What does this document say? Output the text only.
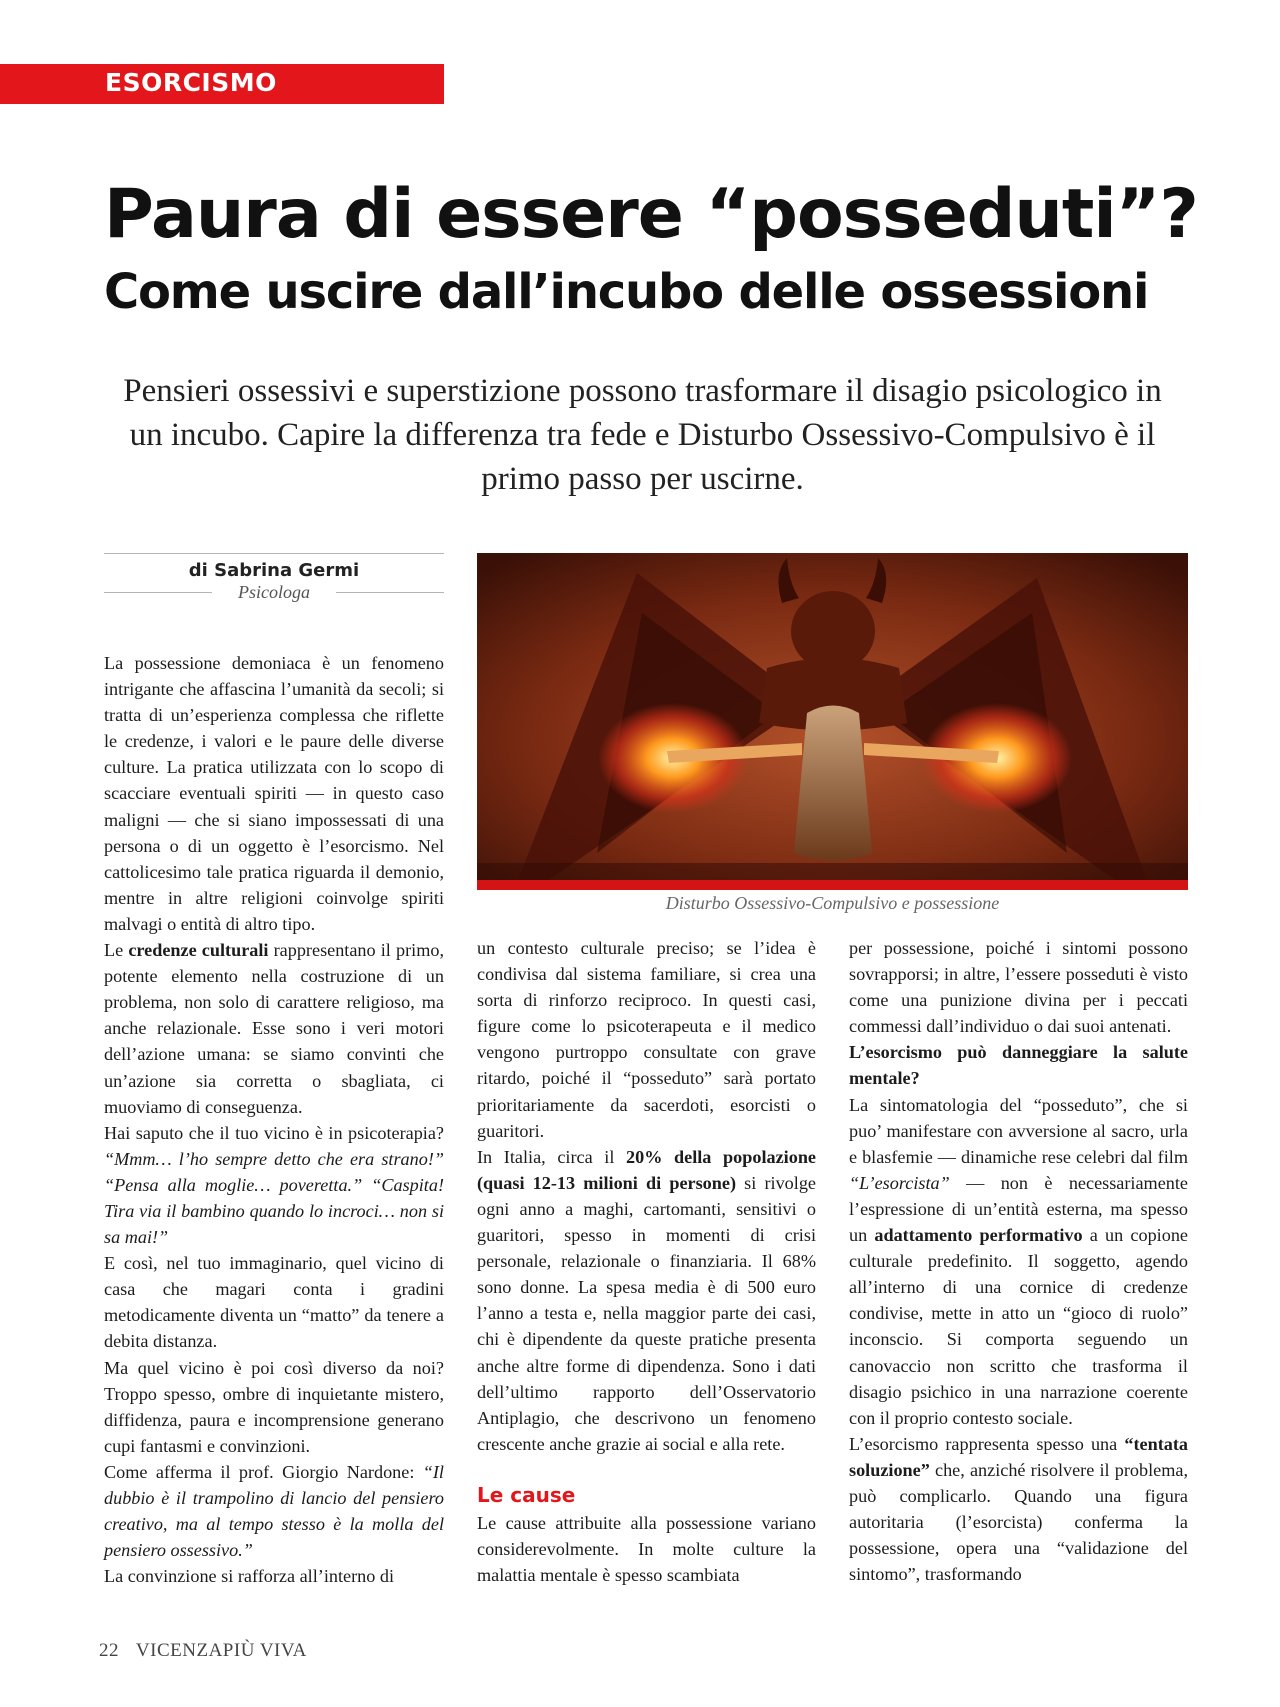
ESORCISMO
Paura di essere “posseduti”?
Come uscire dall’incubo delle ossessioni
Pensieri ossessivi e superstizione possono trasformare il disagio psicologico in un incubo. Capire la differenza tra fede e Disturbo Ossessivo-Compulsivo è il primo passo per uscirne.
di Sabrina Germi
Psicologa
Disturbo Ossessivo-Compulsivo e possessione

La possessione demoniaca è un fenomeno intrigante che affascina l’umanità da secoli; si tratta di un’esperienza complessa che riflette le credenze, i valori e le paure delle diverse culture. La pratica utilizzata con lo scopo di scacciare eventuali spiriti — in questo caso maligni — che si siano impossessati di una persona o di un oggetto è l’esorcismo. Nel cattolicesimo tale pratica riguarda il demonio, mentre in altre religioni coinvolge spiriti malvagi o entità di altro tipo.

Le credenze culturali rappresentano il primo, potente elemento nella costruzione di un problema, non solo di carattere religioso, ma anche relazionale. Esse sono i veri motori dell’azione umana: se siamo convinti che un’azione sia corretta o sbagliata, ci muoviamo di conseguenza.

Hai saputo che il tuo vicino è in psicoterapia? “Mmm… l’ho sempre detto che era strano!” “Pensa alla moglie… poveretta.” “Caspita! Tira via il bambino quando lo incroci… non si sa mai!”

E così, nel tuo immaginario, quel vicino di casa che magari conta i gradini metodicamente diventa un “matto” da tenere a debita distanza.

Ma quel vicino è poi così diverso da noi? Troppo spesso, ombre di inquietante mistero, diffidenza, paura e incomprensione generano cupi fantasmi e convinzioni.

Come afferma il prof. Giorgio Nardone: “Il dubbio è il trampolino di lancio del pensiero creativo, ma al tempo stesso è la molla del pensiero ossessivo.”

La convinzione si rafforza all’interno di

un contesto culturale preciso; se l’idea è condivisa dal sistema familiare, si crea una sorta di rinforzo reciproco. In questi casi, figure come lo psicoterapeuta e il medico vengono purtroppo consultate con grave ritardo, poiché il “posseduto” sarà portato prioritariamente da sacerdoti, esorcisti o guaritori.

In Italia, circa il 20% della popolazione (quasi 12-13 milioni di persone) si rivolge ogni anno a maghi, cartomanti, sensitivi o guaritori, spesso in momenti di crisi personale, relazionale o finanziaria. Il 68% sono donne. La spesa media è di 500 euro l’anno a testa e, nella maggior parte dei casi, chi è dipendente da queste pratiche presenta anche altre forme di dipendenza. Sono i dati dell’ultimo rapporto dell’Osservatorio Antiplagio, che descrivono un fenomeno crescente anche grazie ai social e alla rete.

Le cause

Le cause attribuite alla possessione variano considerevolmente. In molte culture la malattia mentale è spesso scambiata

per possessione, poiché i sintomi possono sovrapporsi; in altre, l’essere posseduti è visto come una punizione divina per i peccati commessi dall’individuo o dai suoi antenati.

L’esorcismo può danneggiare la salute mentale?

La sintomatologia del “posseduto”, che si puo’ manifestare con avversione al sacro, urla e blasfemie — dinamiche rese celebri dal film “L’esorcista” — non è necessariamente l’espressione di un’entità esterna, ma spesso un adattamento performativo a un copione culturale predefinito. Il soggetto, agendo all’interno di una cornice di credenze condivise, mette in atto un “gioco di ruolo” inconscio. Si comporta seguendo un canovaccio non scritto che trasforma il disagio psichico in una narrazione coerente con il proprio contesto sociale.

L’esorcismo rappresenta spesso una “tentata soluzione” che, anziché risolvere il problema, può complicarlo. Quando una figura autoritaria (l’esorcista) conferma la possessione, opera una “validazione del sintomo”, trasformando

22 VICENZAPIÙ VIVA
